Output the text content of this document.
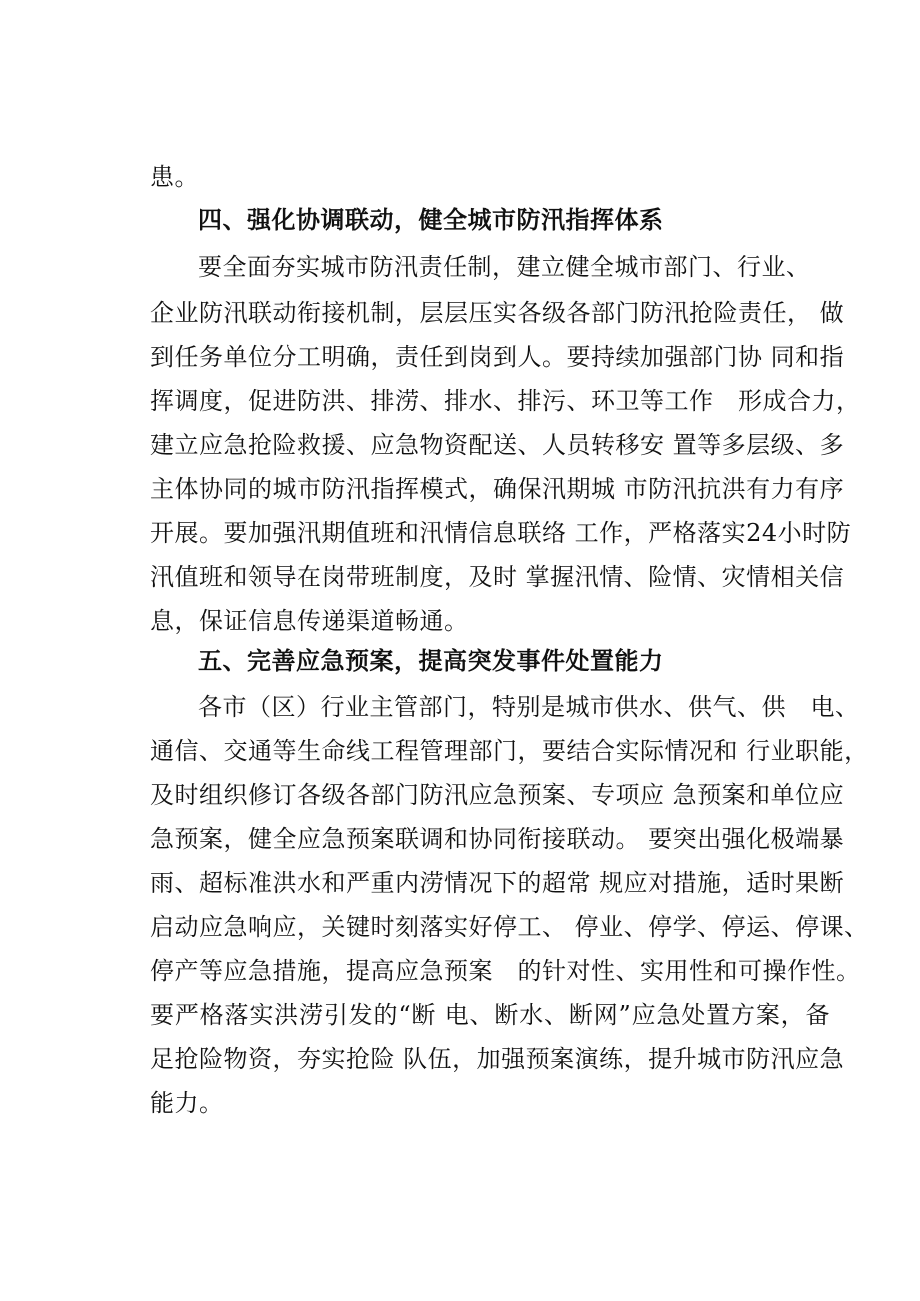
患。
四、强化协调联动，健全城市防汛指挥体系
要全面夯实城市防汛责任制，建立健全城市部门、行业、
企业防汛联动衔接机制，层层压实各级各部门防汛抢险责任， 做
到任务单位分工明确，责任到岗到人。要持续加强部门协 同和指
挥调度，促进防洪、排涝、排水、排污、环卫等工作　形成合力，
建立应急抢险救援、应急物资配送、人员转移安 置等多层级、多
主体协同的城市防汛指挥模式，确保汛期城 市防汛抗洪有力有序
开展。要加强汛期值班和汛情信息联络 工作，严格落实24小时防
汛值班和领导在岗带班制度，及时 掌握汛情、险情、灾情相关信
息，保证信息传递渠道畅通。
五、完善应急预案，提高突发事件处置能力
各市（区）行业主管部门，特别是城市供水、供气、供　电、
通信、交通等生命线工程管理部门，要结合实际情况和 行业职能，
及时组织修订各级各部门防汛应急预案、专项应 急预案和单位应
急预案，健全应急预案联调和协同衔接联动。 要突出强化极端暴
雨、超标准洪水和严重内涝情况下的超常 规应对措施，适时果断
启动应急响应，关键时刻落实好停工、 停业、停学、停运、停课、
停产等应急措施，提高应急预案　的针对性、实用性和可操作性。
要严格落实洪涝引发的“断 电、断水、断网”应急处置方案，备
足抢险物资，夯实抢险 队伍，加强预案演练，提升城市防汛应急
能力。
